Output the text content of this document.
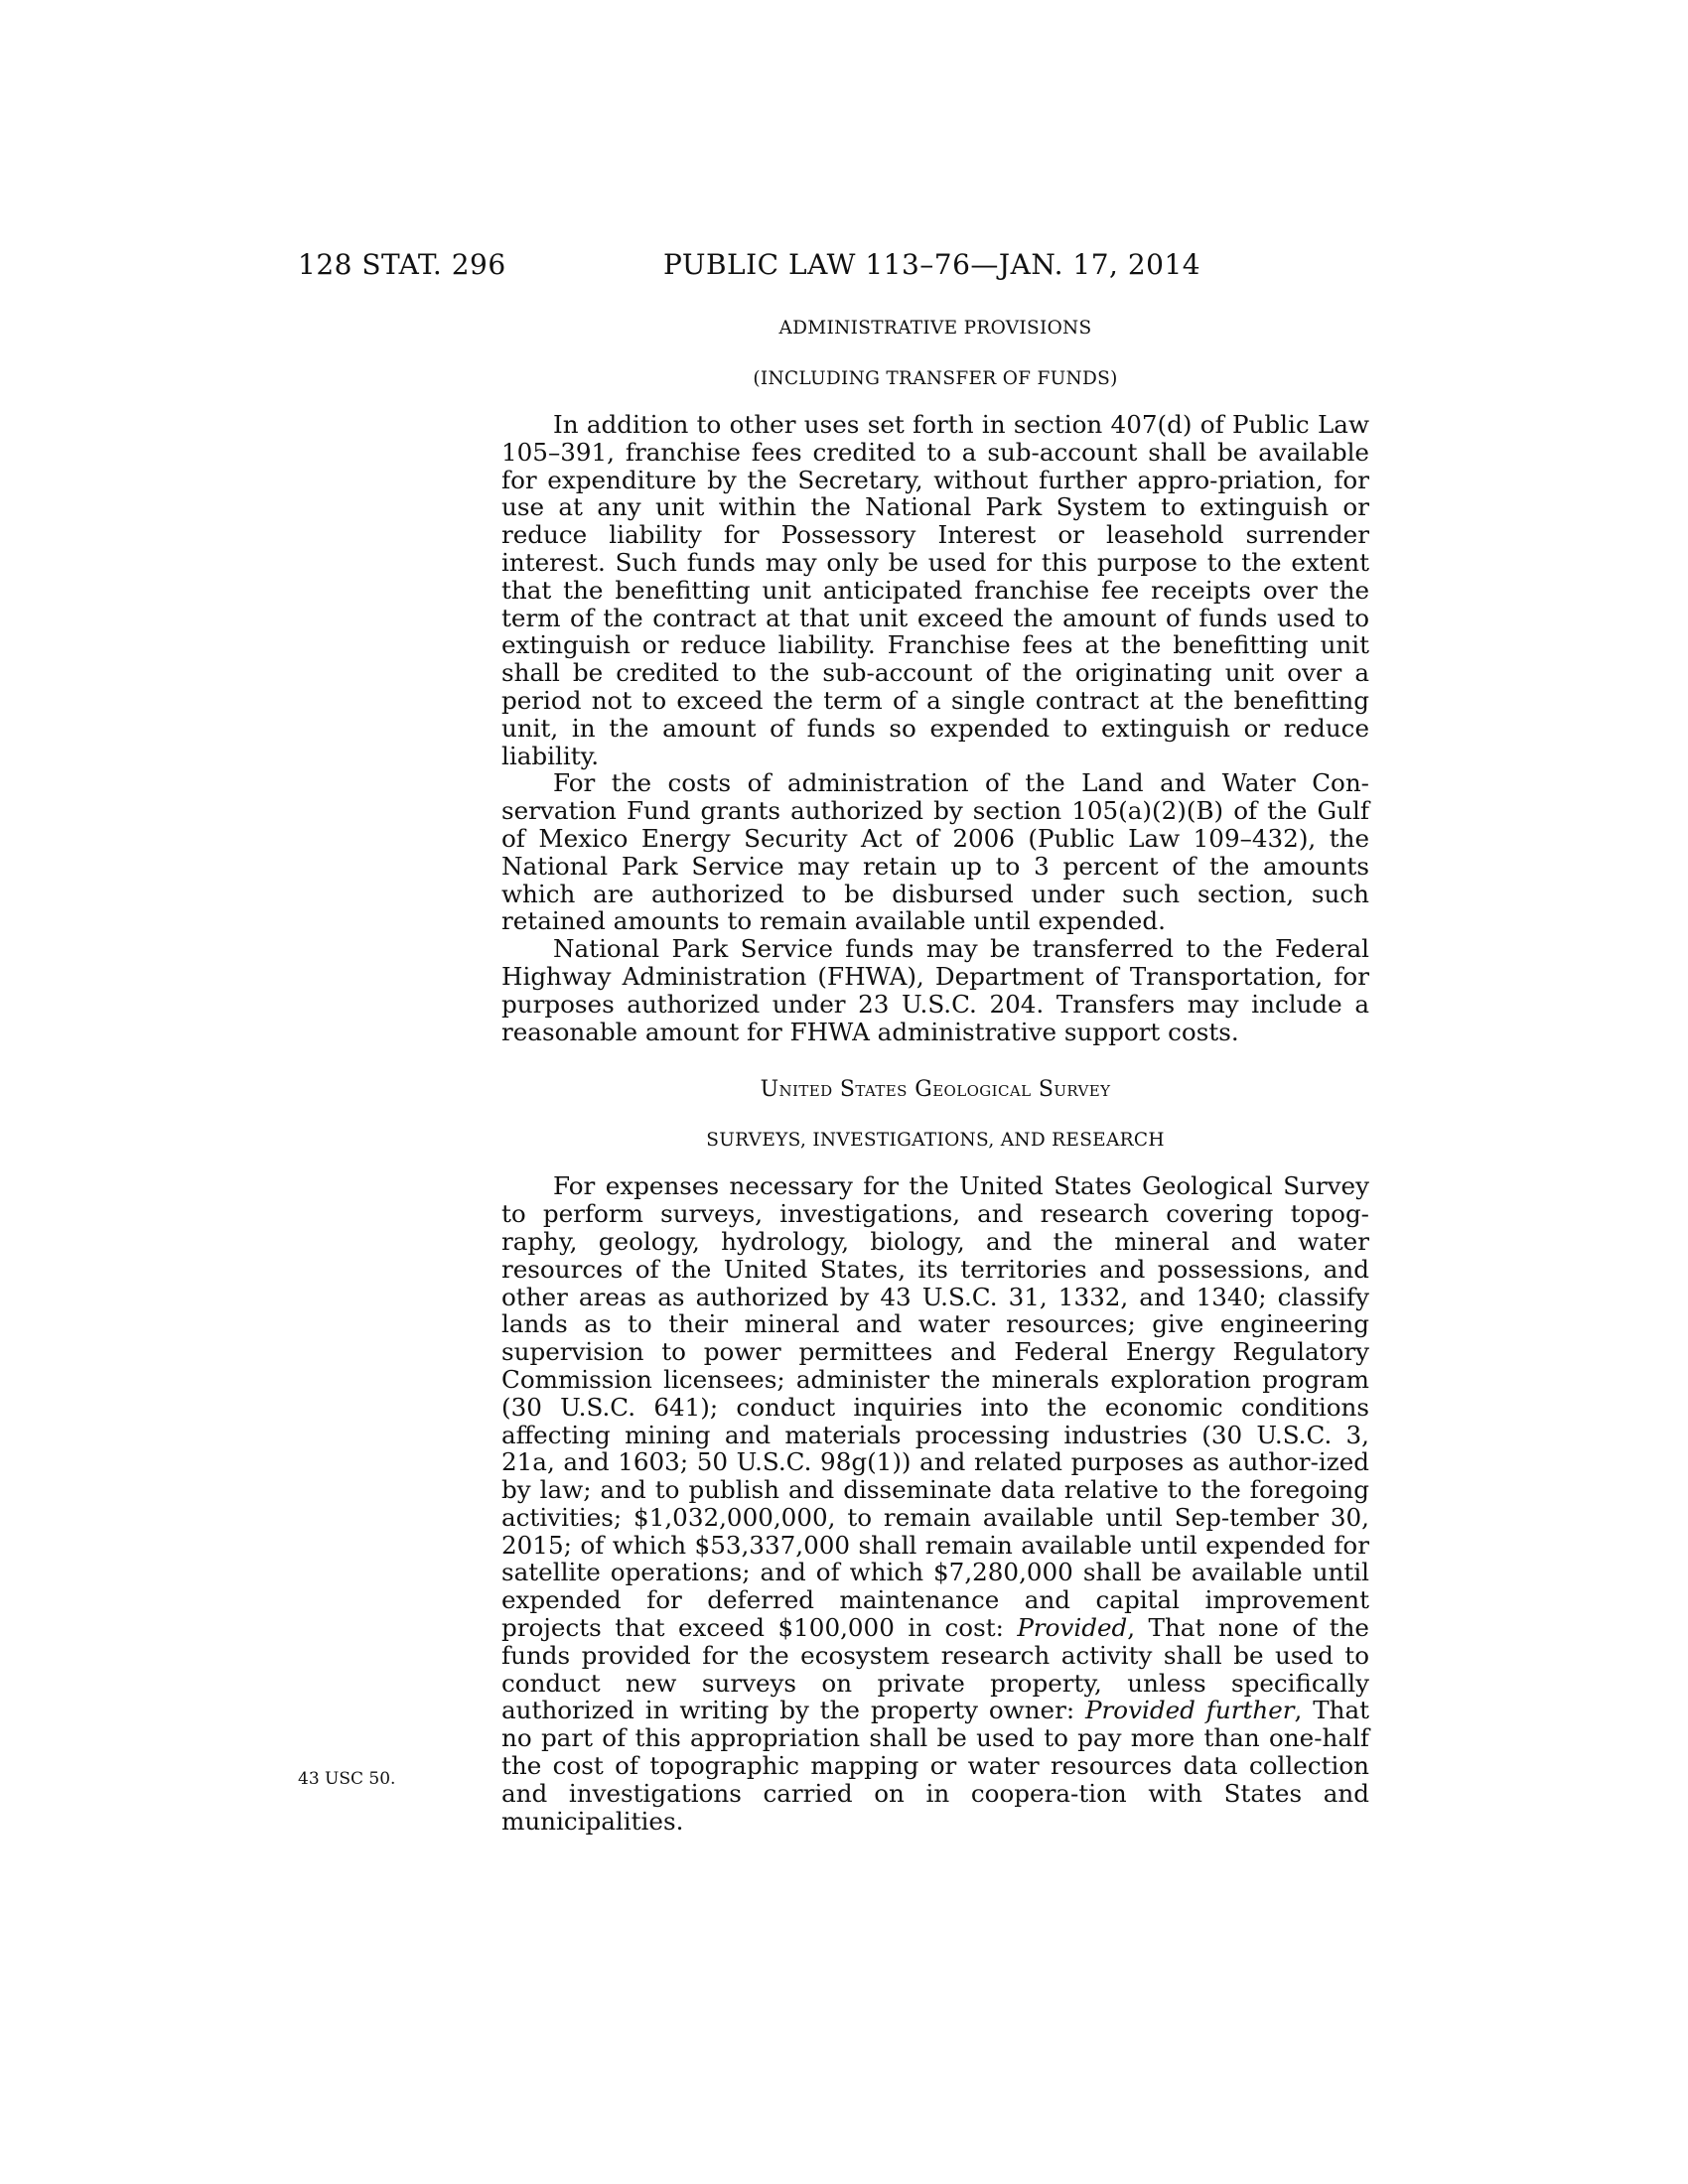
128 STAT. 296	PUBLIC LAW 113–76—JAN. 17, 2014

ADMINISTRATIVE PROVISIONS

(INCLUDING TRANSFER OF FUNDS)

In addition to other uses set forth in section 407(d) of Public Law 105–391, franchise fees credited to a sub-account shall be available for expenditure by the Secretary, without further appro-priation, for use at any unit within the National Park System to extinguish or reduce liability for Possessory Interest or leasehold surrender interest. Such funds may only be used for this purpose to the extent that the benefitting unit anticipated franchise fee receipts over the term of the contract at that unit exceed the amount of funds used to extinguish or reduce liability. Franchise fees at the benefitting unit shall be credited to the sub-account of the originating unit over a period not to exceed the term of a single contract at the benefitting unit, in the amount of funds so expended to extinguish or reduce liability.

For the costs of administration of the Land and Water Con-servation Fund grants authorized by section 105(a)(2)(B) of the Gulf of Mexico Energy Security Act of 2006 (Public Law 109–432), the National Park Service may retain up to 3 percent of the amounts which are authorized to be disbursed under such section, such retained amounts to remain available until expended.

National Park Service funds may be transferred to the Federal Highway Administration (FHWA), Department of Transportation, for purposes authorized under 23 U.S.C. 204. Transfers may include a reasonable amount for FHWA administrative support costs.

United States Geological Survey

SURVEYS, INVESTIGATIONS, AND RESEARCH

For expenses necessary for the United States Geological Survey to perform surveys, investigations, and research covering topog-raphy, geology, hydrology, biology, and the mineral and water resources of the United States, its territories and possessions, and other areas as authorized by 43 U.S.C. 31, 1332, and 1340; classify lands as to their mineral and water resources; give engineering supervision to power permittees and Federal Energy Regulatory Commission licensees; administer the minerals exploration program (30 U.S.C. 641); conduct inquiries into the economic conditions affecting mining and materials processing industries (30 U.S.C. 3, 21a, and 1603; 50 U.S.C. 98g(1)) and related purposes as author-ized by law; and to publish and disseminate data relative to the foregoing activities; $1,032,000,000, to remain available until Sep-tember 30, 2015; of which $53,337,000 shall remain available until expended for satellite operations; and of which $7,280,000 shall be available until expended for deferred maintenance and capital improvement projects that exceed $100,000 in cost: Provided, That none of the funds provided for the ecosystem research activity shall be used to conduct new surveys on private property, unless specifically authorized in writing by the property owner: Provided further, That no part of this appropriation shall be used to pay more than one-half the cost of topographic mapping or water resources data collection and investigations carried on in coopera-tion with States and municipalities.

43 USC 50.
